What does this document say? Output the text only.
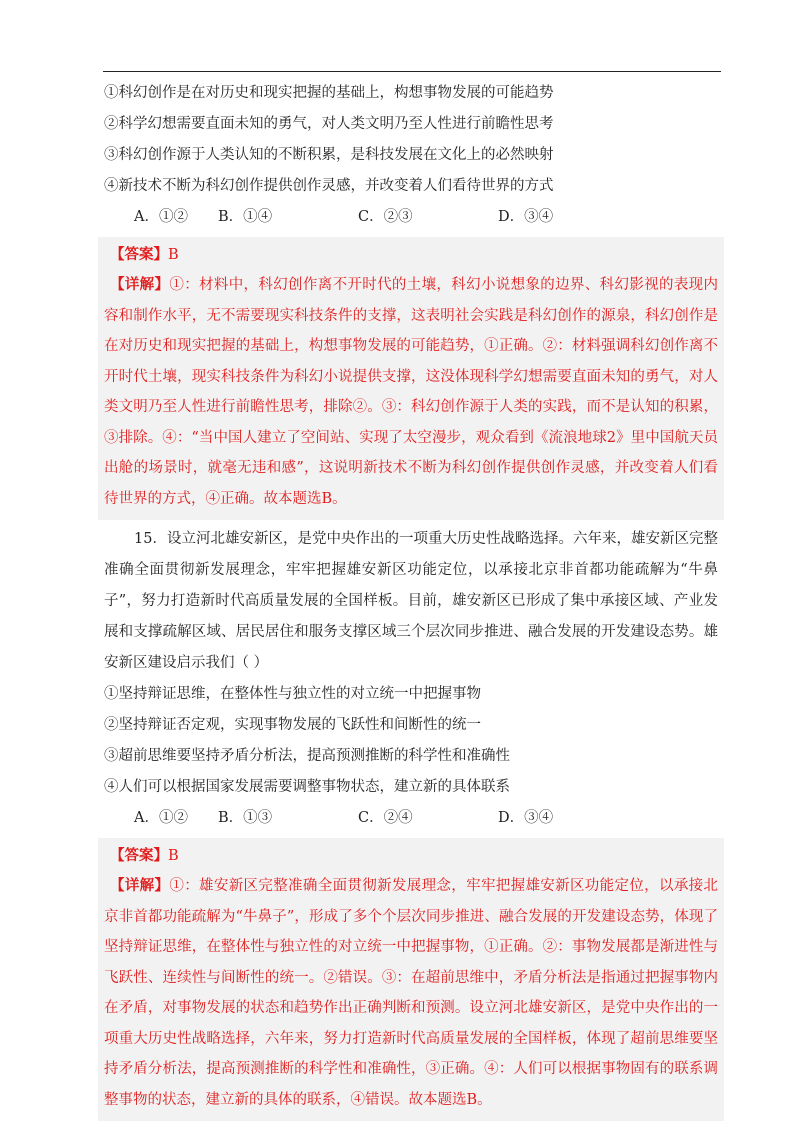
①科幻创作是在对历史和现实把握的基础上，构想事物发展的可能趋势
②科学幻想需要直面未知的勇气，对人类文明乃至人性进行前瞻性思考
③科幻创作源于人类认知的不断积累，是科技发展在文化上的必然映射
④新技术不断为科幻创作提供创作灵感，并改变着人们看待世界的方式
A．①② B．①④	C．②③	D．③④
【答案】B
【详解】①：材料中，科幻创作离不开时代的土壤，科幻小说想象的边界、科幻影视的表现内容和制作水平，无不需要现实科技条件的支撑，这表明社会实践是科幻创作的源泉，科幻创作是在对历史和现实把握的基础上，构想事物发展的可能趋势，①正确。②：材料强调科幻创作离不开时代土壤，现实科技条件为科幻小说提供支撑，这没体现科学幻想需要直面未知的勇气，对人类文明乃至人性进行前瞻性思考，排除②。③：科幻创作源于人类的实践，而不是认知的积累，③排除。④：“当中国人建立了空间站、实现了太空漫步，观众看到《流浪地球2》里中国航天员出舱的场景时，就毫无违和感”，这说明新技术不断为科幻创作提供创作灵感，并改变着人们看待世界的方式，④正确。故本题选B。
15．设立河北雄安新区，是党中央作出的一项重大历史性战略选择。六年来，雄安新区完整准确全面贯彻新发展理念，牢牢把握雄安新区功能定位，以承接北京非首都功能疏解为“牛鼻子”，努力打造新时代高质量发展的全国样板。目前，雄安新区已形成了集中承接区域、产业发展和支撑疏解区域、居民居住和服务支撑区域三个层次同步推进、融合发展的开发建设态势。雄安新区建设启示我们（ ）
①坚持辩证思维，在整体性与独立性的对立统一中把握事物
②坚持辩证否定观，实现事物发展的飞跃性和间断性的统一
③超前思维要坚持矛盾分析法，提高预测推断的科学性和准确性
④人们可以根据国家发展需要调整事物状态，建立新的具体联系
A．①② B．①③	C．②④	D．③④
【答案】B
【详解】①：雄安新区完整准确全面贯彻新发展理念，牢牢把握雄安新区功能定位，以承接北京非首都功能疏解为“牛鼻子”，形成了多个个层次同步推进、融合发展的开发建设态势，体现了坚持辩证思维，在整体性与独立性的对立统一中把握事物，①正确。②：事物发展都是渐进性与飞跃性、连续性与间断性的统一。②错误。③：在超前思维中，矛盾分析法是指通过把握事物内在矛盾，对事物发展的状态和趋势作出正确判断和预测。设立河北雄安新区，是党中央作出的一项重大历史性战略选择，六年来，努力打造新时代高质量发展的全国样板，体现了超前思维要坚持矛盾分析法，提高预测推断的科学性和准确性，③正确。④：人们可以根据事物固有的联系调整事物的状态，建立新的具体的联系，④错误。故本题选B。
